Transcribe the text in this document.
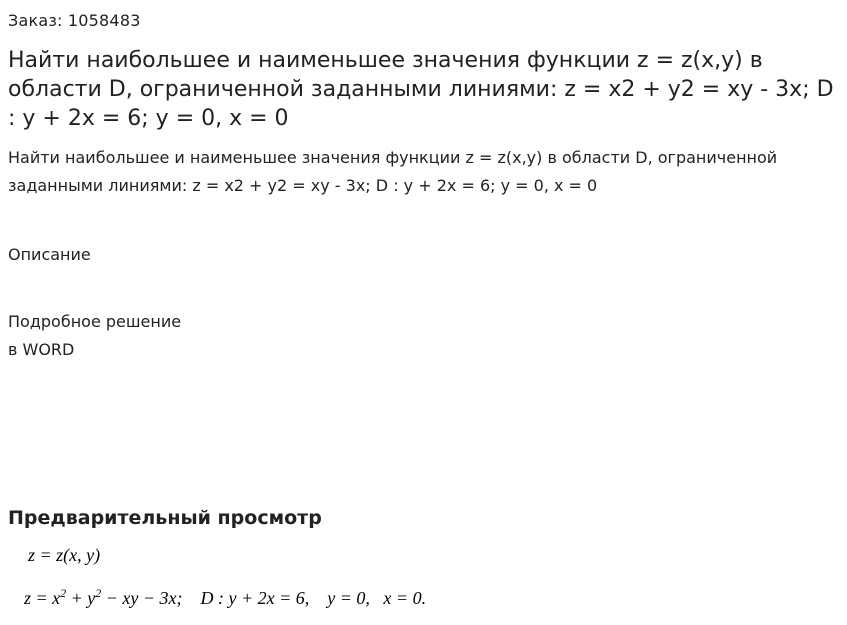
Заказ: 1058483
Найти наибольшее и наименьшее значения функции z = z(x,y) в области D, ограниченной заданными линиями: z = x2 + y2 = xy - 3x; D : y + 2x = 6; y = 0, x = 0

Найти наибольшее и наименьшее значения функции z = z(x,y) в области D, ограниченной заданными линиями: z = x2 + y2 = xy - 3x; D : y + 2x = 6; y = 0, x = 0

Описание
Подробное решение
в WORD
Предварительный просмотр
z = z(x, y)
$z = x^2 + y^2$ − xy − 3x;    D : y + 2x = 6,    y = 0,   x = 0.
